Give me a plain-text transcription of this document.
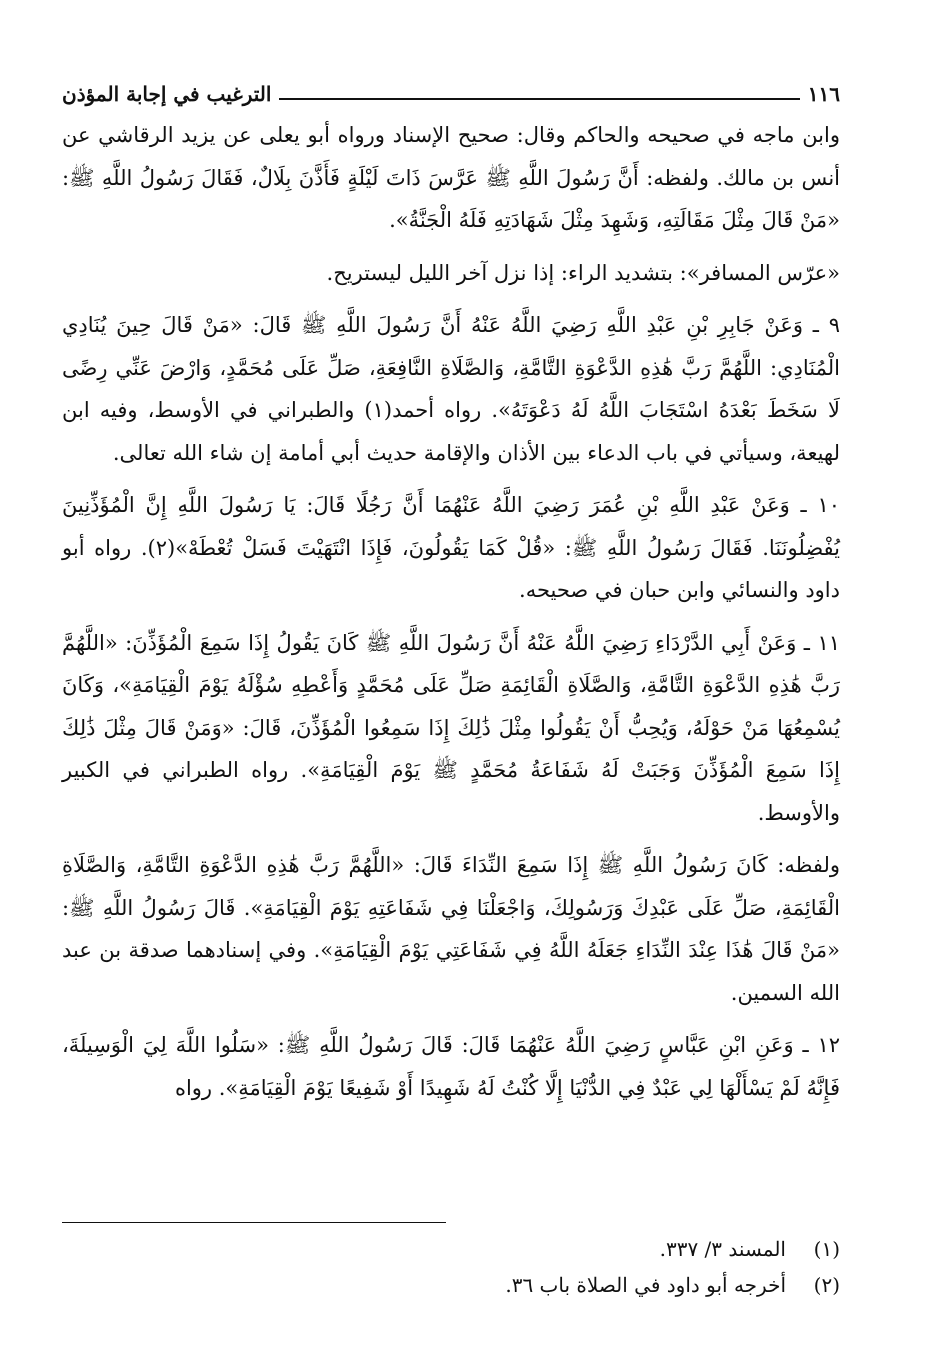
١١٦
الترغيب في إجابة المؤذن

وابن ماجه في صحيحه والحاكم وقال: صحيح الإسناد ورواه أبو يعلى عن يزيد الرقاشي عن أنس بن مالك. ولفظه: أَنَّ رَسُولَ اللَّهِ ﷺ عَرَّسَ ذَاتَ لَيْلَةٍ فَأَذَّنَ بِلَالٌ، فَقَالَ رَسُولُ اللَّهِ ﷺ: «مَنْ قَالَ مِثْلَ مَقَالَتِهِ، وَشَهِدَ مِثْلَ شَهَادَتِهِ فَلَهُ الْجَنَّةُ».

«عرّس المسافر»: بتشديد الراء: إذا نزل آخر الليل ليستريح.

٩ ـ وَعَنْ جَابِرِ بْنِ عَبْدِ اللَّهِ رَضِيَ اللَّهُ عَنْهُ أَنَّ رَسُولَ اللَّهِ ﷺ قَالَ: «مَنْ قَالَ حِينَ يُنَادِي الْمُنَادِي: اللَّهُمَّ رَبَّ هَٰذِهِ الدَّعْوَةِ التَّامَّةِ، وَالصَّلَاةِ النَّافِعَةِ، صَلِّ عَلَى مُحَمَّدٍ، وَارْضَ عَنِّي رِضًى لَا سَخَطَ بَعْدَهُ اسْتَجَابَ اللَّهُ لَهُ دَعْوَتَهُ». رواه أحمد(١) والطبراني في الأوسط، وفيه ابن لهيعة، وسيأتي في باب الدعاء بين الأذان والإقامة حديث أبي أمامة إن شاء الله تعالى.

١٠ ـ وَعَنْ عَبْدِ اللَّهِ بْنِ عُمَرَ رَضِيَ اللَّهُ عَنْهُمَا أَنَّ رَجُلًا قَالَ: يَا رَسُولَ اللَّهِ إِنَّ الْمُؤَذِّنِينَ يُفْضِلُونَنَا. فَقَالَ رَسُولُ اللَّهِ ﷺ: «قُلْ كَمَا يَقُولُونَ، فَإِذَا انْتَهَيْتَ فَسَلْ تُعْطَهْ»(٢). رواه أبو داود والنسائي وابن حبان في صحيحه.

١١ ـ وَعَنْ أَبِي الدَّرْدَاءِ رَضِيَ اللَّهُ عَنْهُ أَنَّ رَسُولَ اللَّهِ ﷺ كَانَ يَقُولُ إِذَا سَمِعَ الْمُؤَذِّنَ: «اللَّهُمَّ رَبَّ هَٰذِهِ الدَّعْوَةِ التَّامَّةِ، وَالصَّلَاةِ الْقَائِمَةِ صَلِّ عَلَى مُحَمَّدٍ وَأَعْطِهِ سُؤْلَهُ يَوْمَ الْقِيَامَةِ»، وَكَانَ يُسْمِعُهَا مَنْ حَوْلَهُ، وَيُحِبُّ أَنْ يَقُولُوا مِثْلَ ذَٰلِكَ إِذَا سَمِعُوا الْمُؤَذِّنَ، قَالَ: «وَمَنْ قَالَ مِثْلَ ذَٰلِكَ إِذَا سَمِعَ الْمُؤَذِّنَ وَجَبَتْ لَهُ شَفَاعَةُ مُحَمَّدٍ ﷺ يَوْمَ الْقِيَامَةِ». رواه الطبراني في الكبير والأوسط.

ولفظه: كَانَ رَسُولُ اللَّهِ ﷺ إِذَا سَمِعَ النِّدَاءَ قَالَ: «اللَّهُمَّ رَبَّ هَٰذِهِ الدَّعْوَةِ التَّامَّةِ، وَالصَّلَاةِ الْقَائِمَةِ، صَلِّ عَلَى عَبْدِكَ وَرَسُولِكَ، وَاجْعَلْنَا فِي شَفَاعَتِهِ يَوْمَ الْقِيَامَةِ». قَالَ رَسُولُ اللَّهِ ﷺ: «مَنْ قَالَ هَٰذَا عِنْدَ النِّدَاءِ جَعَلَهُ اللَّهُ فِي شَفَاعَتِي يَوْمَ الْقِيَامَةِ». وفي إسنادهما صدقة بن عبد الله السمين.

١٢ ـ وَعَنِ ابْنِ عَبَّاسٍ رَضِيَ اللَّهُ عَنْهُمَا قَالَ: قَالَ رَسُولُ اللَّهِ ﷺ: «سَلُوا اللَّهَ لِيَ الْوَسِيلَةَ، فَإِنَّهُ لَمْ يَسْأَلْهَا لِي عَبْدٌ فِي الدُّنْيَا إِلَّا كُنْتُ لَهُ شَهِيدًا أَوْ شَفِيعًا يَوْمَ الْقِيَامَةِ». رواه

(١)
المسند ٣/ ٣٣٧.
(٢)
أخرجه أبو داود في الصلاة باب ٣٦.
